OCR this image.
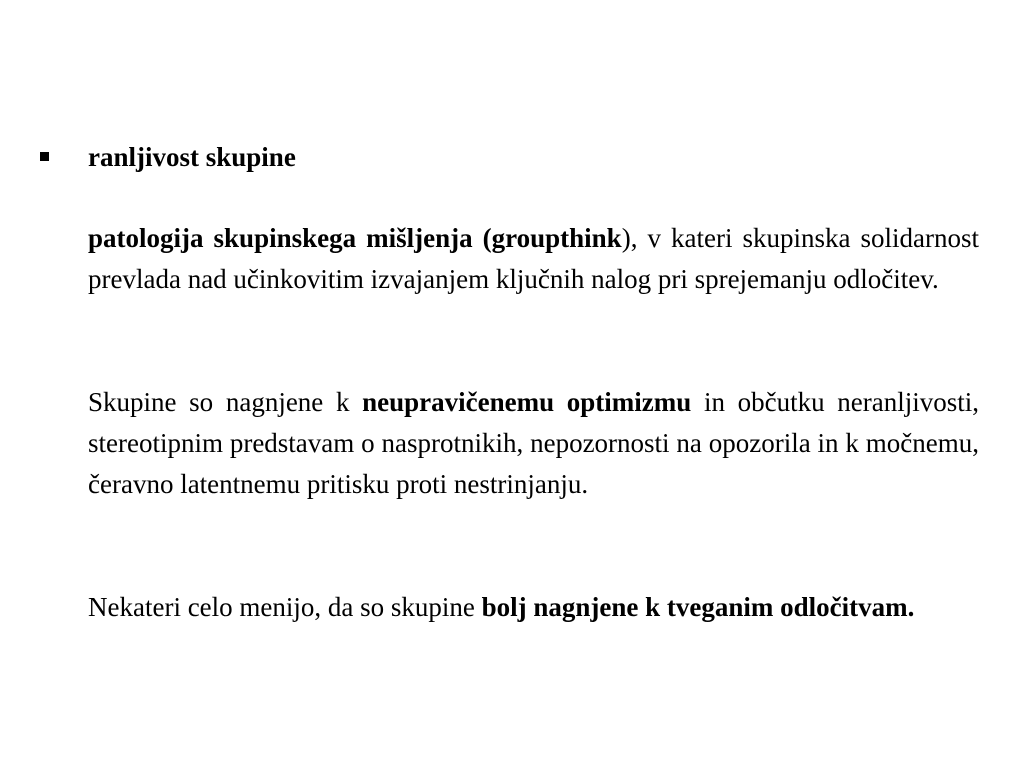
ranljivost skupine

patologija skupinskega mišljenja (groupthink), v kateri skupinska solidarnost prevlada nad učinkovitim izvajanjem ključnih nalog pri sprejemanju odločitev.

Skupine so nagnjene k neupravičenemu optimizmu in občutku neranljivosti, stereotipnim predstavam o nasprotnikih, nepozornosti na opozorila in k močnemu, čeravno latentnemu pritisku proti nestrinjanju.

Nekateri celo menijo, da so skupine bolj nagnjene k tveganim odločitvam.
